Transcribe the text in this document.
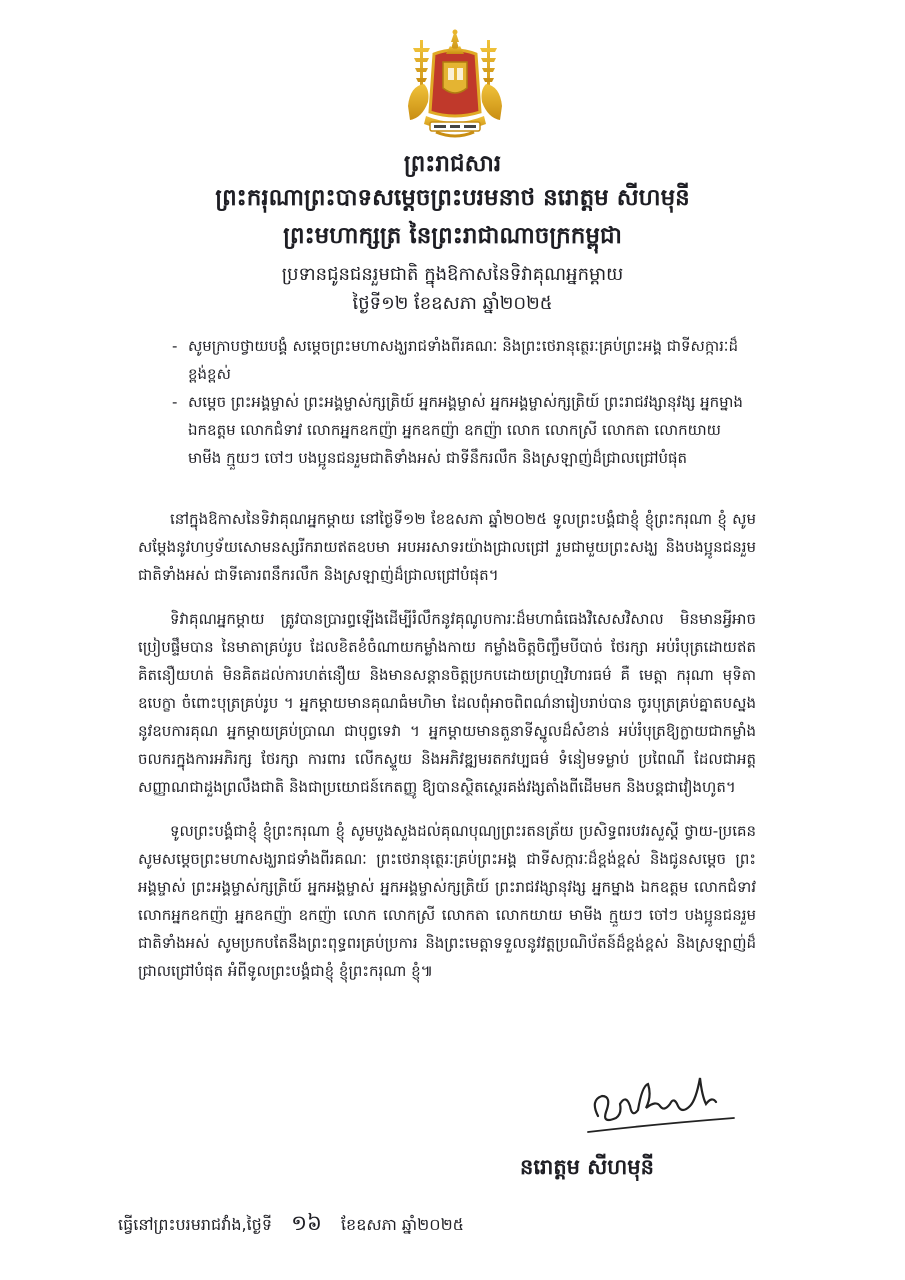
ព្រះរាជសារ
ព្រះករុណាព្រះបាទសម្តេចព្រះបរមនាថ នរោត្តម សីហមុនី
ព្រះមហាក្សត្រ នៃព្រះរាជាណាចក្រកម្ពុជា
ប្រទានជូនជនរួមជាតិ ក្នុងឱកាសនៃទិវាគុណអ្នកម្តាយ
ថ្ងៃទី១២ ខែឧសភា ឆ្នាំ២០២៥
- សូមក្រាបថ្វាយបង្គំ សម្តេចព្រះមហាសង្ឃរាជទាំងពីរគណៈ និងព្រះថេរានុត្ថេរៈគ្រប់ព្រះអង្គ ជាទីសក្ការៈដ៏ខ្ពង់ខ្ពស់
- សម្តេច ព្រះអង្គម្ចាស់ ព្រះអង្គម្ចាស់ក្សត្រិយ៍ អ្នកអង្គម្ចាស់ អ្នកអង្គម្ចាស់ក្សត្រិយ៍ ព្រះរាជវង្សានុវង្ស អ្នកម្នាង ឯកឧត្តម លោកជំទាវ លោកអ្នកឧកញ៉ា អ្នកឧកញ៉ា ឧកញ៉ា លោក លោកស្រី លោកតា លោកយាយ មាមីង ក្មួយៗ ចៅៗ បងប្អូនជនរួមជាតិទាំងអស់ ជាទីនឹករលឹក និងស្រឡាញ់ដ៏ជ្រាលជ្រៅបំផុត

នៅក្នុងឱកាសនៃទិវាគុណអ្នកម្តាយ នៅថ្ងៃទី១២ ខែឧសភា ឆ្នាំ២០២៥ ទូលព្រះបង្គំជាខ្ញុំ ខ្ញុំព្រះករុណា ខ្ញុំ សូមសម្តែងនូវហឫទ័យសោមនស្សរីករាយឥតឧបមា អបអរសាទរយ៉ាងជ្រាលជ្រៅ រួមជាមួយព្រះសង្ឃ និងបងប្អូនជនរួមជាតិទាំងអស់ ជាទីគោរពនឹករលឹក និងស្រឡាញ់ដ៏ជ្រាលជ្រៅបំផុត។

ទិវាគុណអ្នកម្តាយ ត្រូវបានប្រារព្ធឡើងដើម្បីរំលឹកនូវគុណូបការៈដ៏មហាធំធេងវិសេសវិសាល មិនមានអ្វីអាចប្រៀបផ្ទឹមបាន នៃមាតាគ្រប់រូប ដែលខិតខំចំណាយកម្លាំងកាយ កម្លាំងចិត្តចិញ្ចឹមបីបាច់ ថែរក្សា អប់រំបុត្រដោយឥតគិតនឿយហត់ មិនគិតដល់ការហត់នឿយ និងមានសន្តានចិត្តប្រកបដោយព្រហ្មវិហារធម៌ គឺ មេត្តា ករុណា មុទិតា ឧបេក្ខា ចំពោះបុត្រគ្រប់រូប ។ អ្នកម្តាយមានគុណធំមហិមា ដែលពុំអាចពិពណ៌នារៀបរាប់បាន ចូរបុត្រគ្រប់គ្នាតបស្នងនូវឧបការគុណ អ្នកម្តាយគ្រប់ប្រាណ ជាបុព្វទេវា ។ អ្នកម្តាយមានតួនាទីស្នូលដ៏សំខាន់ អប់រំបុត្រឱ្យក្លាយជាកម្លាំងចលករក្នុងការអភិរក្ស ថែរក្សា ការពារ លើកស្ទួយ និងអភិវឌ្ឍមរតកវប្បធម៌ ទំនៀមទម្លាប់ ប្រពៃណី ដែលជាអត្តសញ្ញាណជាដួងព្រលឹងជាតិ និងជាប្រយោជន៍កេតញ្ញូ ឱ្យបានស្ថិតស្ថេរគង់វង្សតាំងពីដើមមក និងបន្តជាវៀងហូត។

ទូលព្រះបង្គំជាខ្ញុំ ខ្ញុំព្រះករុណា ខ្ញុំ សូមបួងសួងដល់គុណបុណ្យព្រះរតនត្រ័យ ប្រសិទ្ធពរបវរសួស្តី ថ្វាយ-ប្រគេន សូមសម្តេចព្រះមហាសង្ឃរាជទាំងពីរគណៈ ព្រះថេរានុត្ថេរៈគ្រប់ព្រះអង្គ ជាទីសក្ការៈដ៏ខ្ពង់ខ្ពស់ និងជូនសម្តេច ព្រះអង្គម្ចាស់ ព្រះអង្គម្ចាស់ក្សត្រិយ៍ អ្នកអង្គម្ចាស់ អ្នកអង្គម្ចាស់ក្សត្រិយ៍ ព្រះរាជវង្សានុវង្ស អ្នកម្នាង ឯកឧត្តម លោកជំទាវ លោកអ្នកឧកញ៉ា អ្នកឧកញ៉ា ឧកញ៉ា លោក លោកស្រី លោកតា លោកយាយ មាមីង ក្មួយៗ ចៅៗ បងប្អូនជនរួមជាតិទាំងអស់ សូមប្រកបតែនឹងព្រះពុទ្ធពរគ្រប់ប្រការ និងព្រះមេត្តាទទួលនូវវត្តប្រណិប័តន៍ដ៏ខ្ពង់ខ្ពស់ និងស្រឡាញ់ដ៏ជ្រាលជ្រៅបំផុត អំពីទូលព្រះបង្គំជាខ្ញុំ ខ្ញុំព្រះករុណា ខ្ញុំ៕

នរោត្តម សីហមុនី
ធ្វើនៅព្រះបរមរាជវាំង,ថ្ងៃទី ១៦ ខែឧសភា ឆ្នាំ២០២៥
